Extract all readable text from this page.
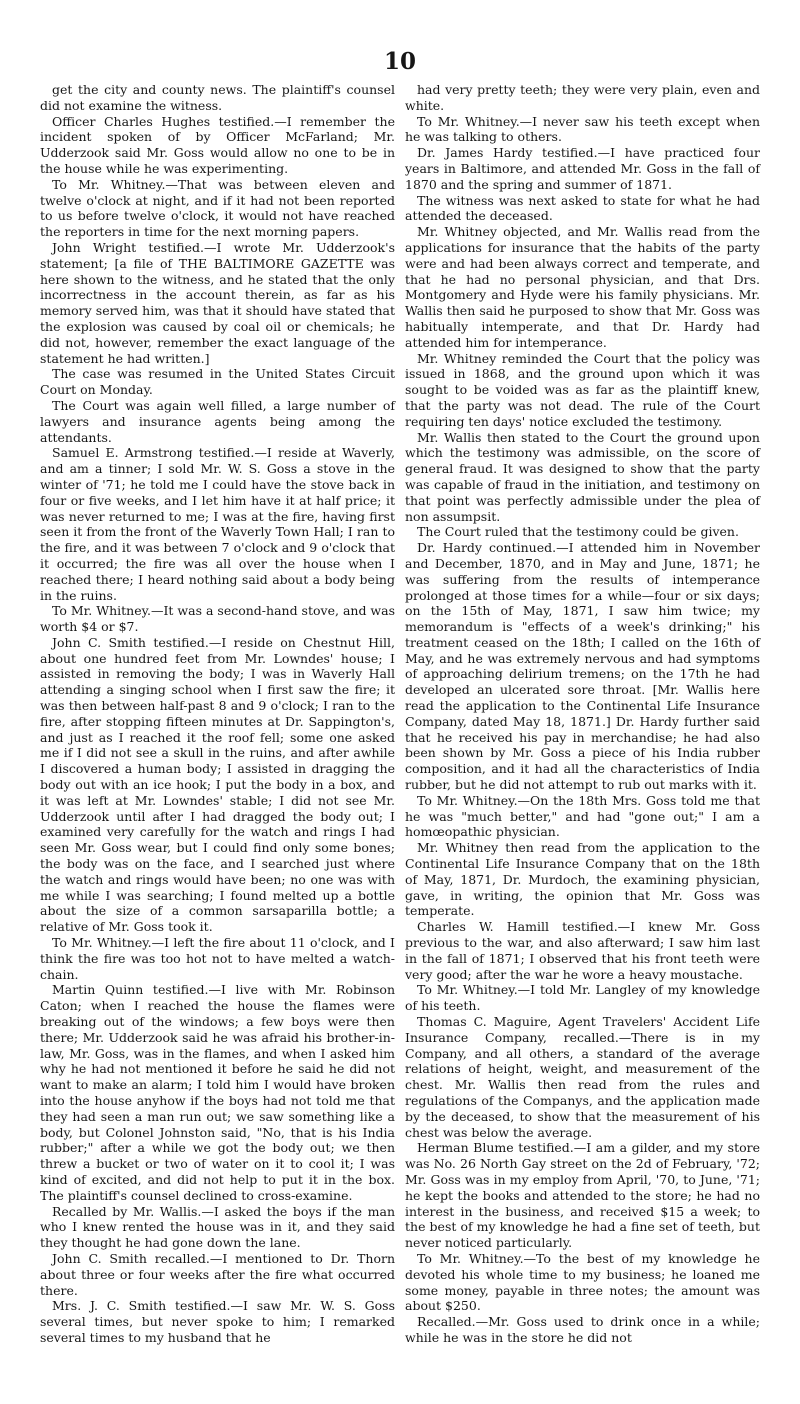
10

get the city and county news. The plaintiff's counsel did not examine the witness.

Officer Charles Hughes testified.—I remember the incident spoken of by Officer McFarland; Mr. Udderzook said Mr. Goss would allow no one to be in the house while he was experimenting.

To Mr. Whitney.—That was between eleven and twelve o'clock at night, and if it had not been reported to us before twelve o'clock, it would not have reached the reporters in time for the next morning papers.

John Wright testified.—I wrote Mr. Udderzook's statement; [a file of THE BALTIMORE GAZETTE was here shown to the witness, and he stated that the only incorrectness in the account therein, as far as his memory served him, was that it should have stated that the explosion was caused by coal oil or chemicals; he did not, however, remember the exact language of the statement he had written.]

The case was resumed in the United States Circuit Court on Monday.

The Court was again well filled, a large number of lawyers and insurance agents being among the attendants.

Samuel E. Armstrong testified.—I reside at Waverly, and am a tinner; I sold Mr. W. S. Goss a stove in the winter of '71; he told me I could have the stove back in four or five weeks, and I let him have it at half price; it was never returned to me; I was at the fire, having first seen it from the front of the Waverly Town Hall; I ran to the fire, and it was between 7 o'clock and 9 o'clock that it occurred; the fire was all over the house when I reached there; I heard nothing said about a body being in the ruins.

To Mr. Whitney.—It was a second-hand stove, and was worth $4 or $7.

John C. Smith testified.—I reside on Chestnut Hill, about one hundred feet from Mr. Lowndes' house; I assisted in removing the body; I was in Waverly Hall attending a singing school when I first saw the fire; it was then between half-past 8 and 9 o'clock; I ran to the fire, after stopping fifteen minutes at Dr. Sappington's, and just as I reached it the roof fell; some one asked me if I did not see a skull in the ruins, and after awhile I discovered a human body; I assisted in dragging the body out with an ice hook; I put the body in a box, and it was left at Mr. Lowndes' stable; I did not see Mr. Udderzook until after I had dragged the body out; I examined very carefully for the watch and rings I had seen Mr. Goss wear, but I could find only some bones; the body was on the face, and I searched just where the watch and rings would have been; no one was with me while I was searching; I found melted up a bottle about the size of a common sarsaparilla bottle; a relative of Mr. Goss took it.

To Mr. Whitney.—I left the fire about 11 o'clock, and I think the fire was too hot not to have melted a watch-chain.

Martin Quinn testified.—I live with Mr. Robinson Caton; when I reached the house the flames were breaking out of the windows; a few boys were then there; Mr. Udderzook said he was afraid his brother-in-law, Mr. Goss, was in the flames, and when I asked him why he had not mentioned it before he said he did not want to make an alarm; I told him I would have broken into the house anyhow if the boys had not told me that they had seen a man run out; we saw something like a body, but Colonel Johnston said, "No, that is his India rubber;" after a while we got the body out; we then threw a bucket or two of water on it to cool it; I was kind of excited, and did not help to put it in the box. The plaintiff's counsel declined to cross-examine.

Recalled by Mr. Wallis.—I asked the boys if the man who I knew rented the house was in it, and they said they thought he had gone down the lane.

John C. Smith recalled.—I mentioned to Dr. Thorn about three or four weeks after the fire what occurred there.

Mrs. J. C. Smith testified.—I saw Mr. W. S. Goss several times, but never spoke to him; I remarked several times to my husband that he

had very pretty teeth; they were very plain, even and white.

To Mr. Whitney.—I never saw his teeth except when he was talking to others.

Dr. James Hardy testified.—I have practiced four years in Baltimore, and attended Mr. Goss in the fall of 1870 and the spring and summer of 1871.

The witness was next asked to state for what he had attended the deceased.

Mr. Whitney objected, and Mr. Wallis read from the applications for insurance that the habits of the party were and had been always correct and temperate, and that he had no personal physician, and that Drs. Montgomery and Hyde were his family physicians. Mr. Wallis then said he purposed to show that Mr. Goss was habitually intemperate, and that Dr. Hardy had attended him for intemperance.

Mr. Whitney reminded the Court that the policy was issued in 1868, and the ground upon which it was sought to be voided was as far as the plaintiff knew, that the party was not dead. The rule of the Court requiring ten days' notice excluded the testimony.

Mr. Wallis then stated to the Court the ground upon which the testimony was admissible, on the score of general fraud. It was designed to show that the party was capable of fraud in the initiation, and testimony on that point was perfectly admissible under the plea of non assumpsit.

The Court ruled that the testimony could be given.

Dr. Hardy continued.—I attended him in November and December, 1870, and in May and June, 1871; he was suffering from the results of intemperance prolonged at those times for a while—four or six days; on the 15th of May, 1871, I saw him twice; my memorandum is "effects of a week's drinking;" his treatment ceased on the 18th; I called on the 16th of May, and he was extremely nervous and had symptoms of approaching delirium tremens; on the 17th he had developed an ulcerated sore throat. [Mr. Wallis here read the application to the Continental Life Insurance Company, dated May 18, 1871.] Dr. Hardy further said that he received his pay in merchandise; he had also been shown by Mr. Goss a piece of his India rubber composition, and it had all the characteristics of India rubber, but he did not attempt to rub out marks with it.

To Mr. Whitney.—On the 18th Mrs. Goss told me that he was "much better," and had "gone out;" I am a homœopathic physician.

Mr. Whitney then read from the application to the Continental Life Insurance Company that on the 18th of May, 1871, Dr. Murdoch, the examining physician, gave, in writing, the opinion that Mr. Goss was temperate.

Charles W. Hamill testified.—I knew Mr. Goss previous to the war, and also afterward; I saw him last in the fall of 1871; I observed that his front teeth were very good; after the war he wore a heavy moustache.

To Mr. Whitney.—I told Mr. Langley of my knowledge of his teeth.

Thomas C. Maguire, Agent Travelers' Accident Life Insurance Company, recalled.—There is in my Company, and all others, a standard of the average relations of height, weight, and measurement of the chest. Mr. Wallis then read from the rules and regulations of the Companys, and the application made by the deceased, to show that the measurement of his chest was below the average.

Herman Blume testified.—I am a gilder, and my store was No. 26 North Gay street on the 2d of February, '72; Mr. Goss was in my employ from April, '70, to June, '71; he kept the books and attended to the store; he had no interest in the business, and received $15 a week; to the best of my knowledge he had a fine set of teeth, but never noticed particularly.

To Mr. Whitney.—To the best of my knowledge he devoted his whole time to my business; he loaned me some money, payable in three notes; the amount was about $250.

Recalled.—Mr. Goss used to drink once in a while; while he was in the store he did not
